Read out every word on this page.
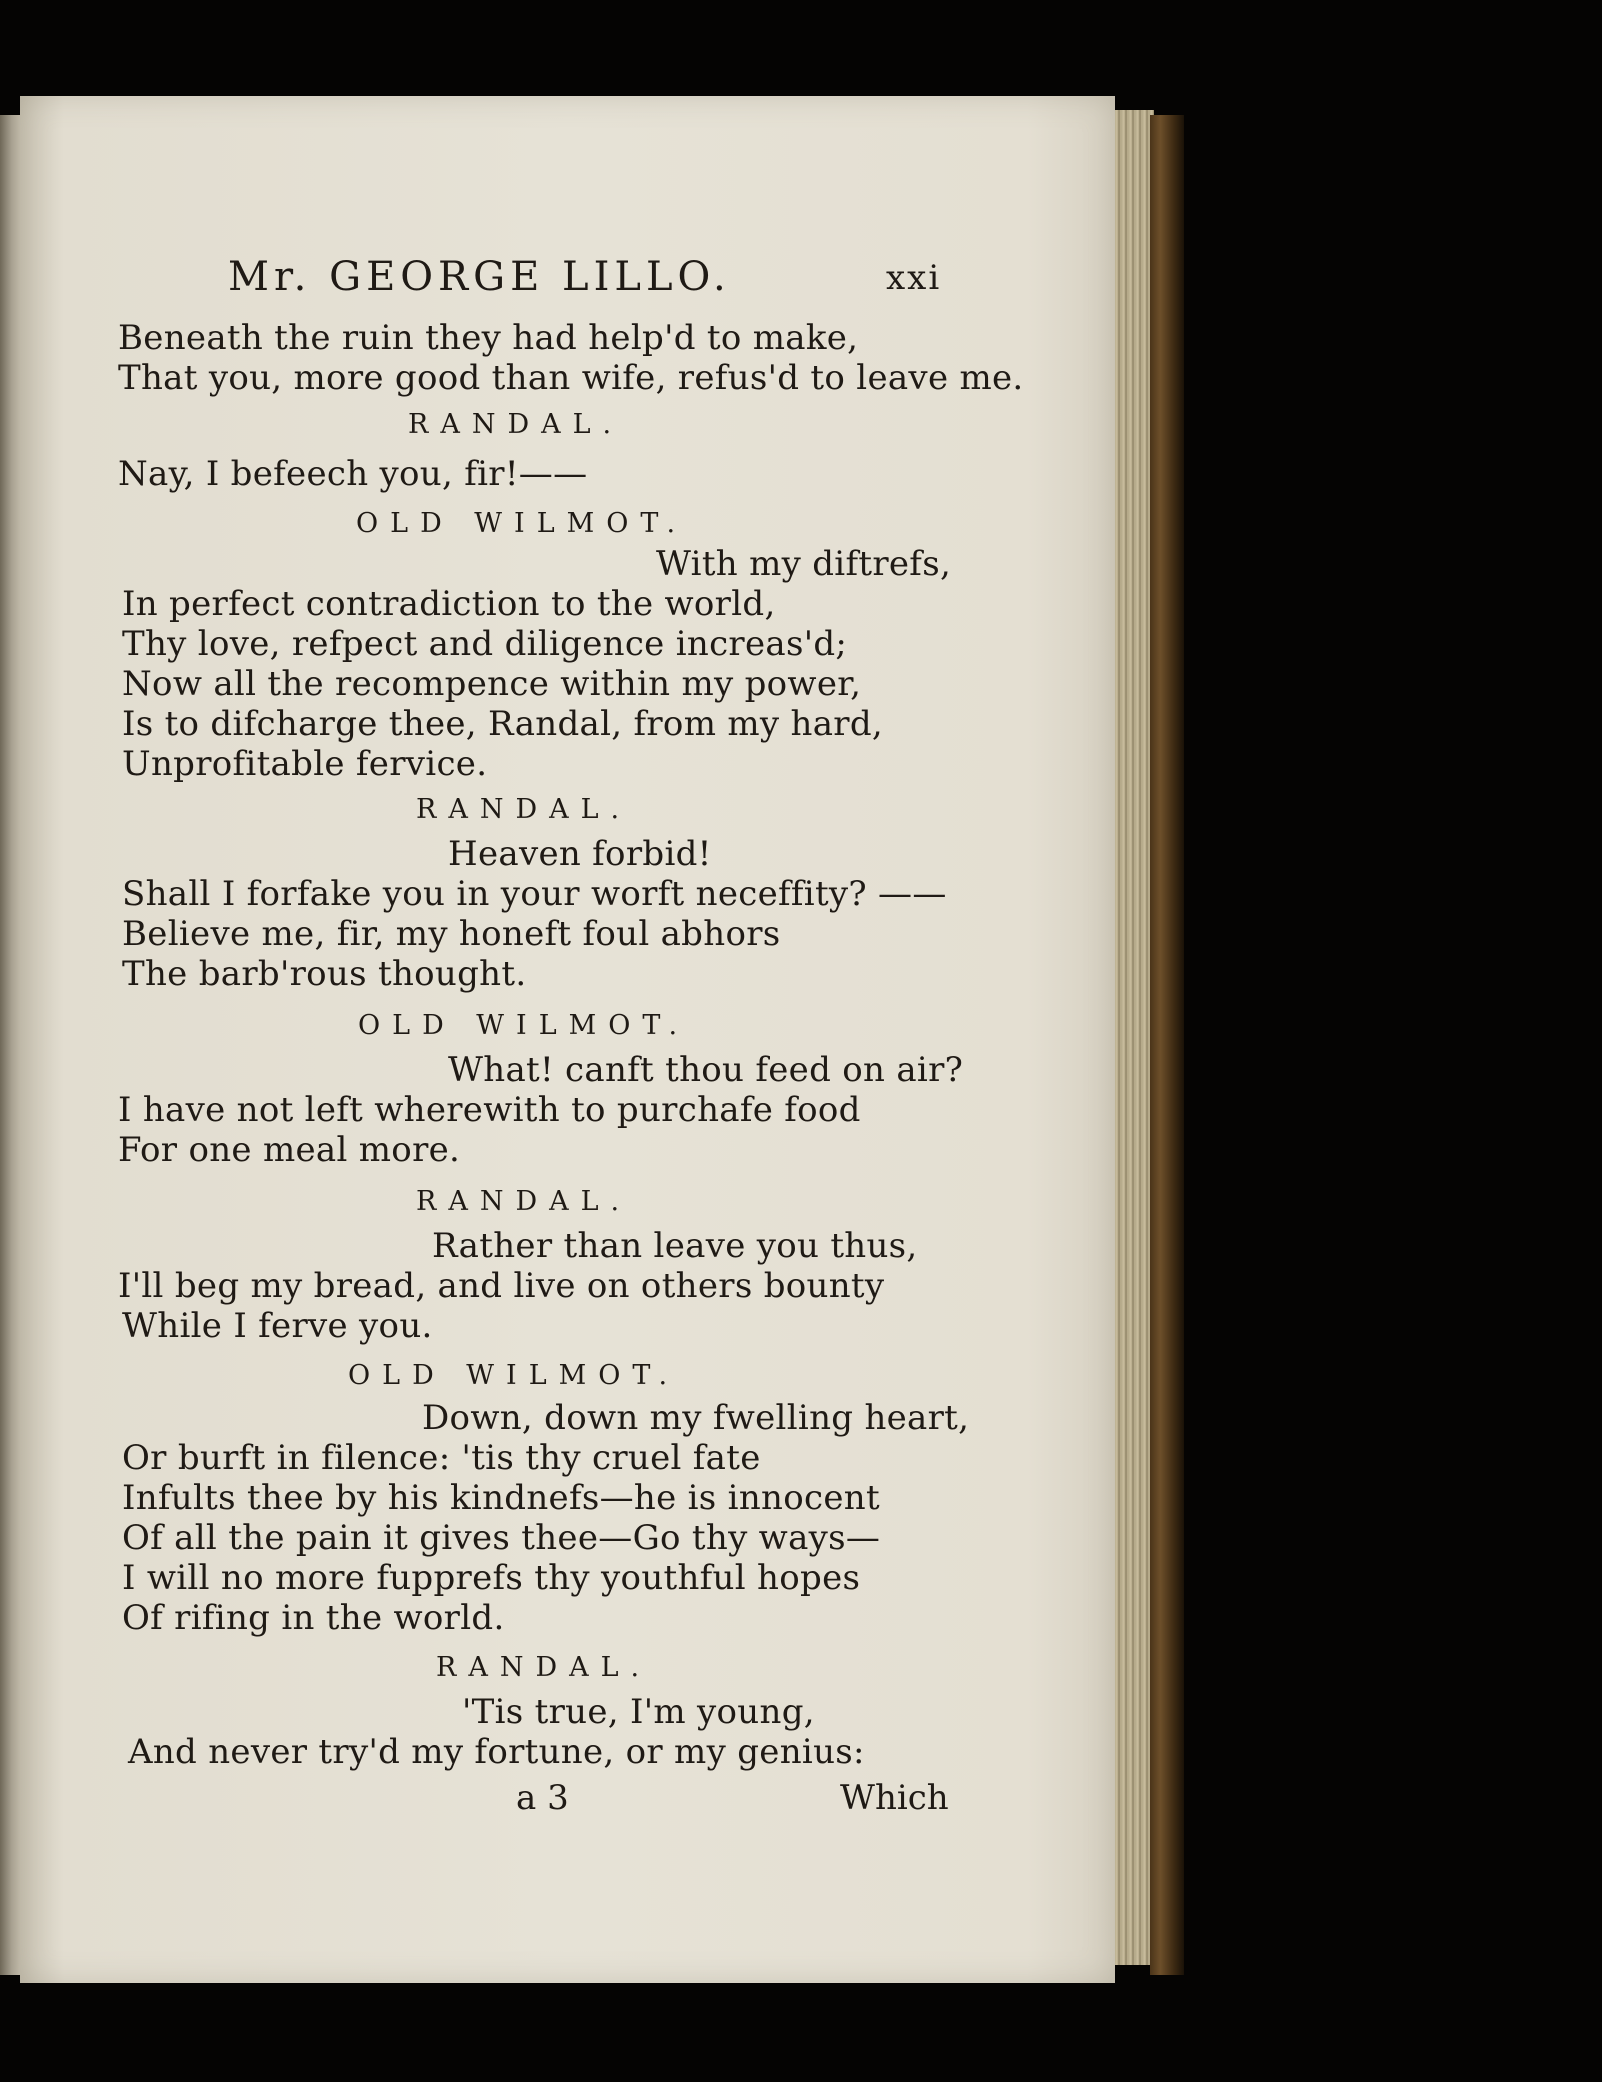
Mr. GEORGE LILLO.	xxi
Beneath the ruin they had help'd to make,
That you, more good than wife, refus'd to leave me.
RANDAL.
Nay, I befeech you, fir!——
OLD WILMOT.
With my diftrefs,
In perfect contradiction to the world,
Thy love, refpect and diligence increas'd;
Now all the recompence within my power,
Is to difcharge thee, Randal, from my hard,
Unprofitable fervice.
RANDAL.
Heaven forbid!
Shall I forfake you in your worft neceffity? ——
Believe me, fir, my honeft foul abhors
The barb'rous thought.
OLD WILMOT.
What! canft thou feed on air?
I have not left wherewith to purchafe food
For one meal more.
RANDAL.
Rather than leave you thus,
I'll beg my bread, and live on others bounty
While I ferve you.
OLD WILMOT.
Down, down my fwelling heart,
Or burft in filence: 'tis thy cruel fate
Infults thee by his kindnefs—he is innocent
Of all the pain it gives thee—Go thy ways—
I will no more fupprefs thy youthful hopes
Of rifing in the world.
RANDAL.
'Tis true, I'm young,
And never try'd my fortune, or my genius:
a 3	Which
